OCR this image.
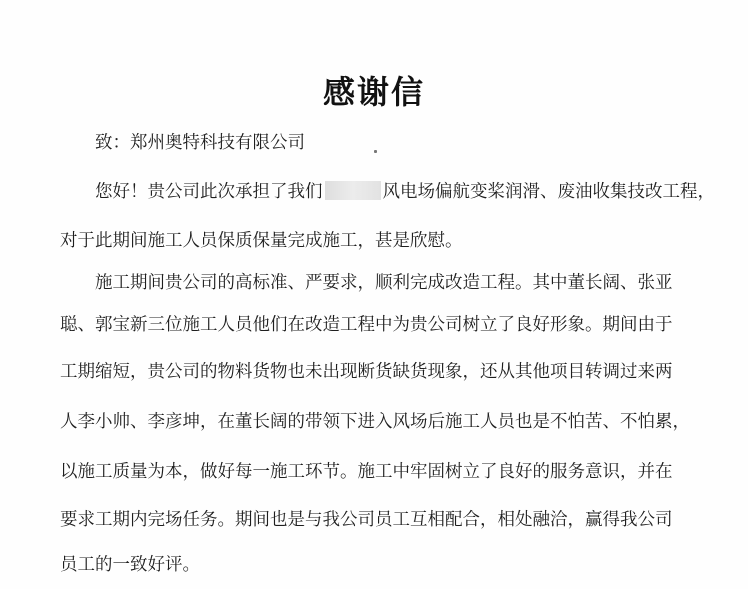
感谢信
致：郑州奥特科技有限公司
您好！贵公司此次承担了我们	风电场偏航变桨润滑、废油收集技改工程，
对于此期间施工人员保质保量完成施工，甚是欣慰。
施工期间贵公司的高标准、严要求，顺利完成改造工程。其中董长阔、张亚
聪、郭宝新三位施工人员他们在改造工程中为贵公司树立了良好形象。期间由于
工期缩短，贵公司的物料货物也未出现断货缺货现象，还从其他项目转调过来两
人李小帅、李彦坤，在董长阔的带领下进入风场后施工人员也是不怕苦、不怕累，
以施工质量为本，做好每一施工环节。施工中牢固树立了良好的服务意识，并在
要求工期内完场任务。期间也是与我公司员工互相配合，相处融洽，赢得我公司
员工的一致好评。
